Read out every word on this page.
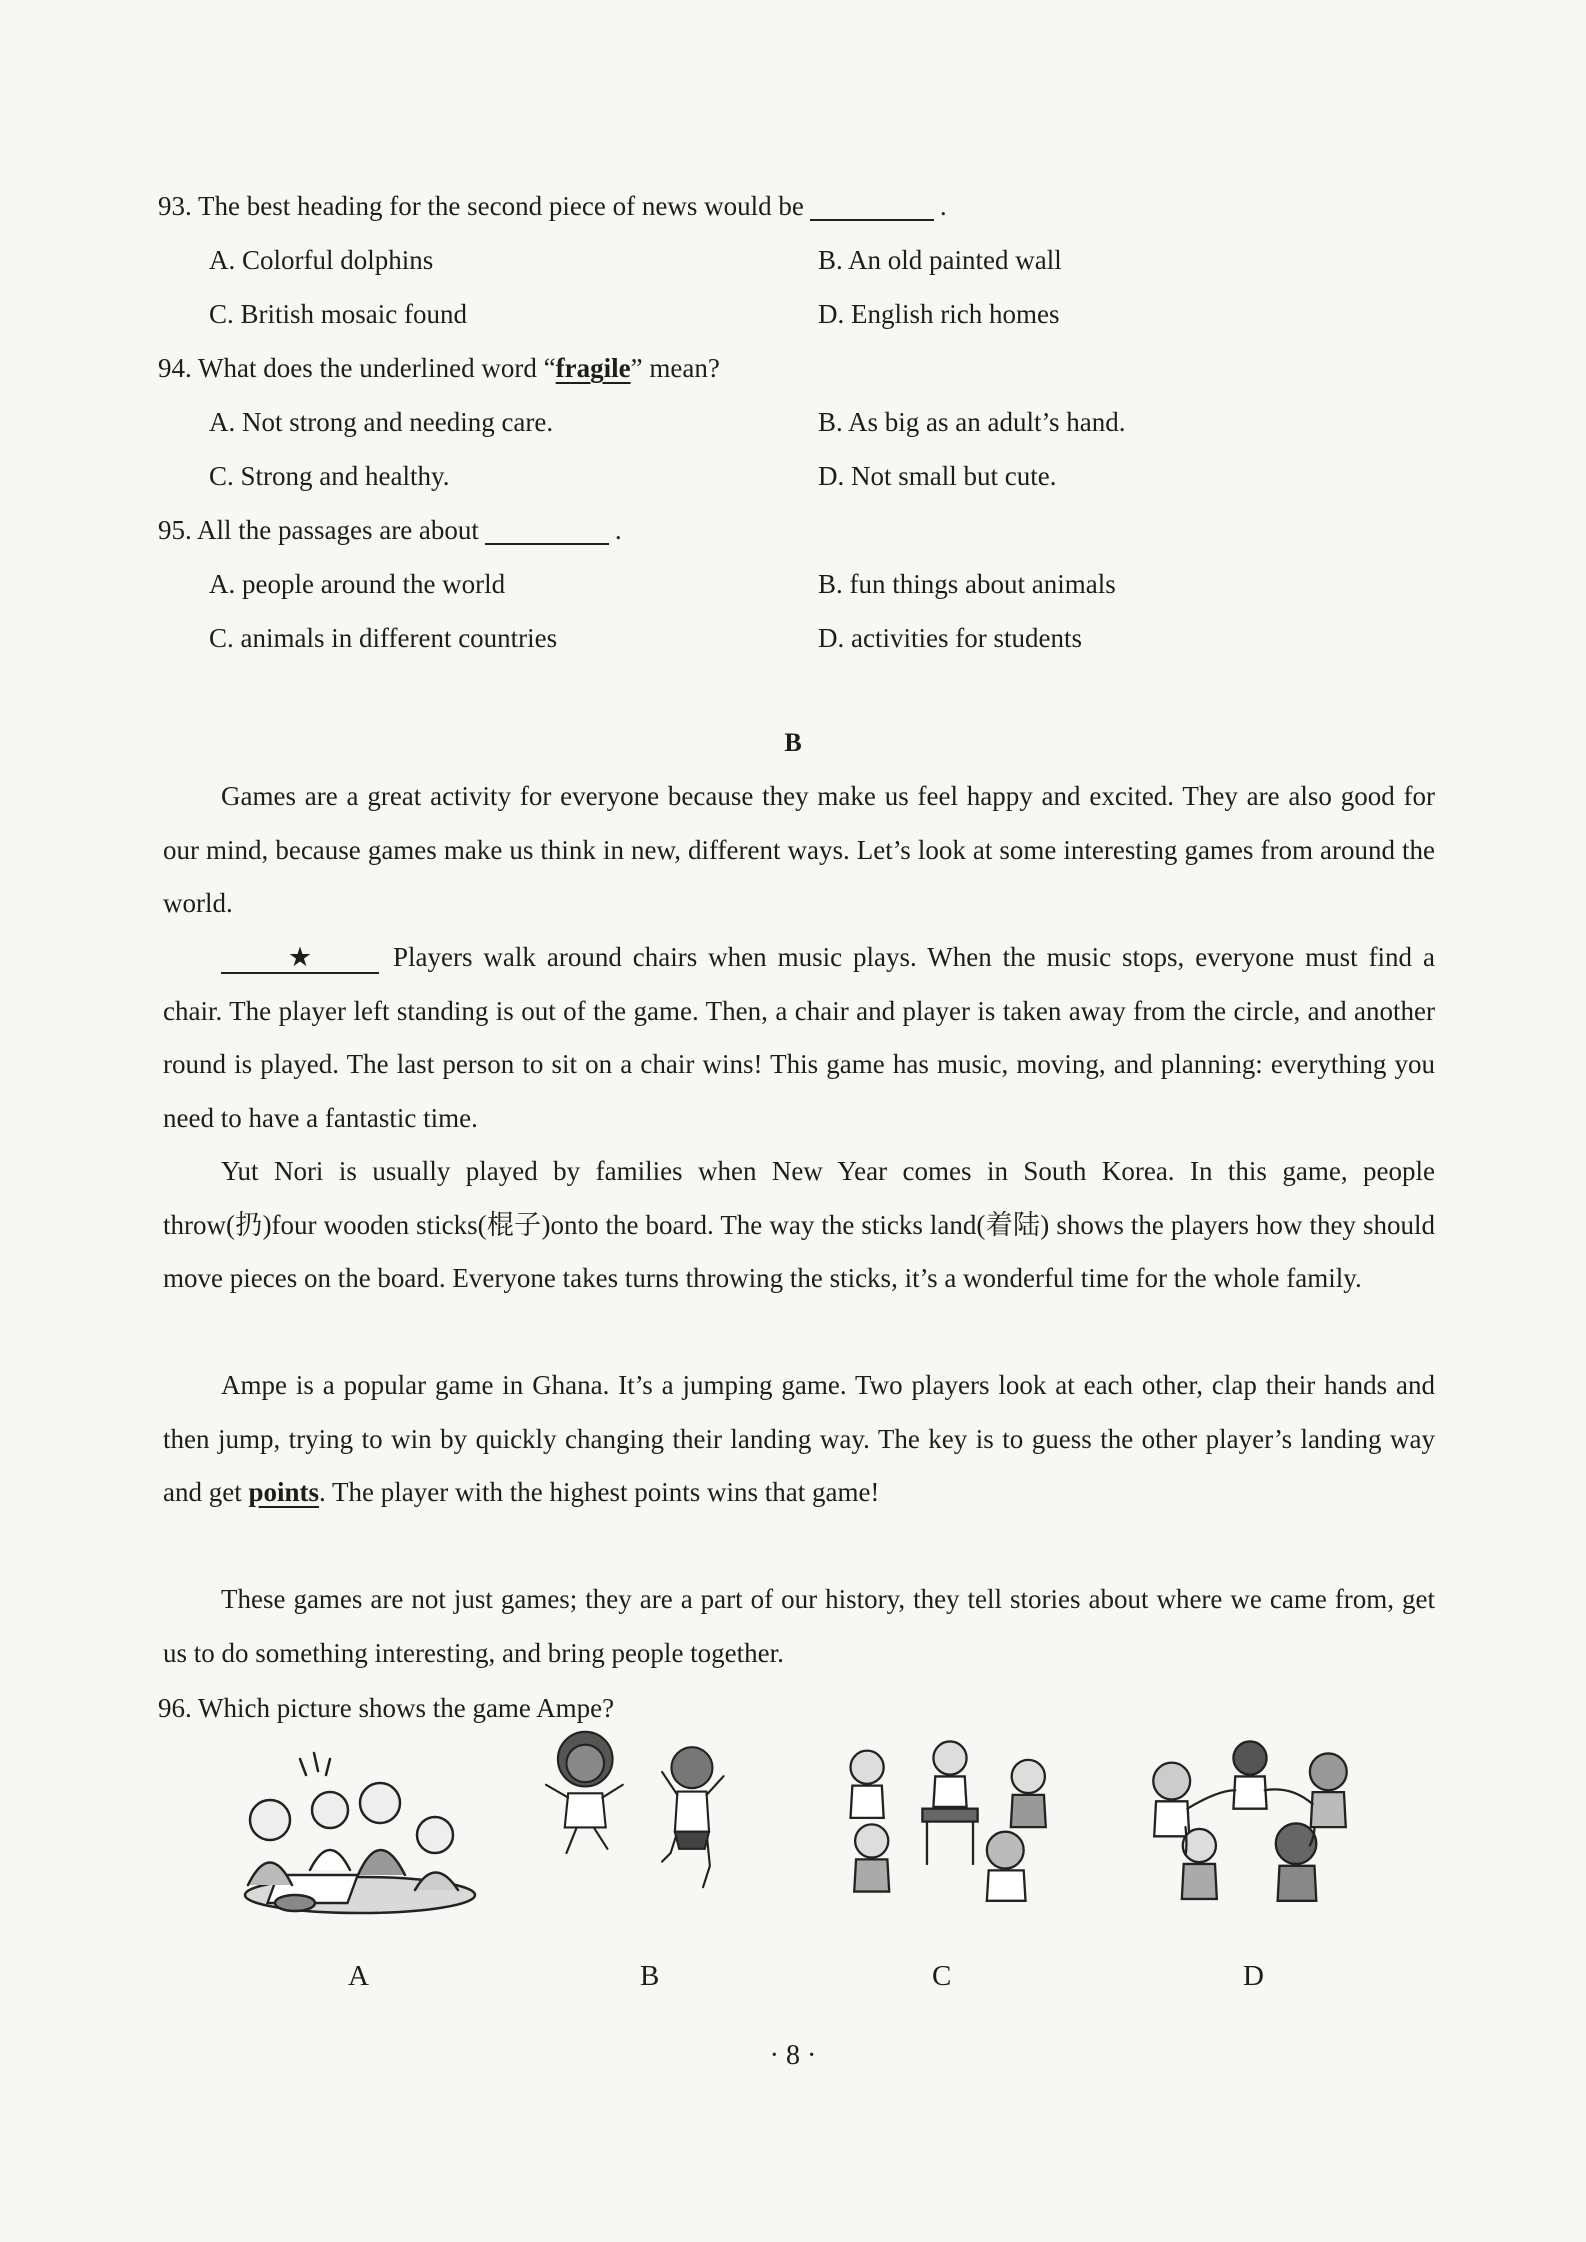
93. The best heading for the second piece of news would be	.
A. Colorful dolphins	B. An old painted wall
C. British mosaic found	D. English rich homes
94. What does the underlined word “fragile” mean?
A. Not strong and needing care.	B. As big as an adult’s hand.
C. Strong and healthy.	D. Not small but cute.
95. All the passages are about	.
A. people around the world	B. fun things about animals
C. animals in different countries	D. activities for students
B

Games are a great activity for everyone because they make us feel happy and excited. They are also good for our mind, because games make us think in new, different ways. Let’s look at some interesting games from around the world.

★	Players walk around chairs when music plays. When the music stops, everyone must find a chair. The player left standing is out of the game. Then, a chair and player is taken away from the circle, and another round is played. The last person to sit on a chair wins! This game has music, moving, and planning: everything you need to have a fantastic time.

Yut Nori is usually played by families when New Year comes in South Korea. In this game, people throw(扔)four wooden sticks(棍子)onto the board. The way the sticks land(着陆) shows the players how they should move pieces on the board. Everyone takes turns throwing the sticks, it’s a wonderful time for the whole family.

Ampe is a popular game in Ghana. It’s a jumping game. Two players look at each other, clap their hands and then jump, trying to win by quickly changing their landing way. The key is to guess the other player’s landing way and get points. The player with the highest points wins that game!

These games are not just games; they are a part of our history, they tell stories about where we came from, get us to do something interesting, and bring people together.

96. Which picture shows the game Ampe?
A	B	C	D
· 8 ·
